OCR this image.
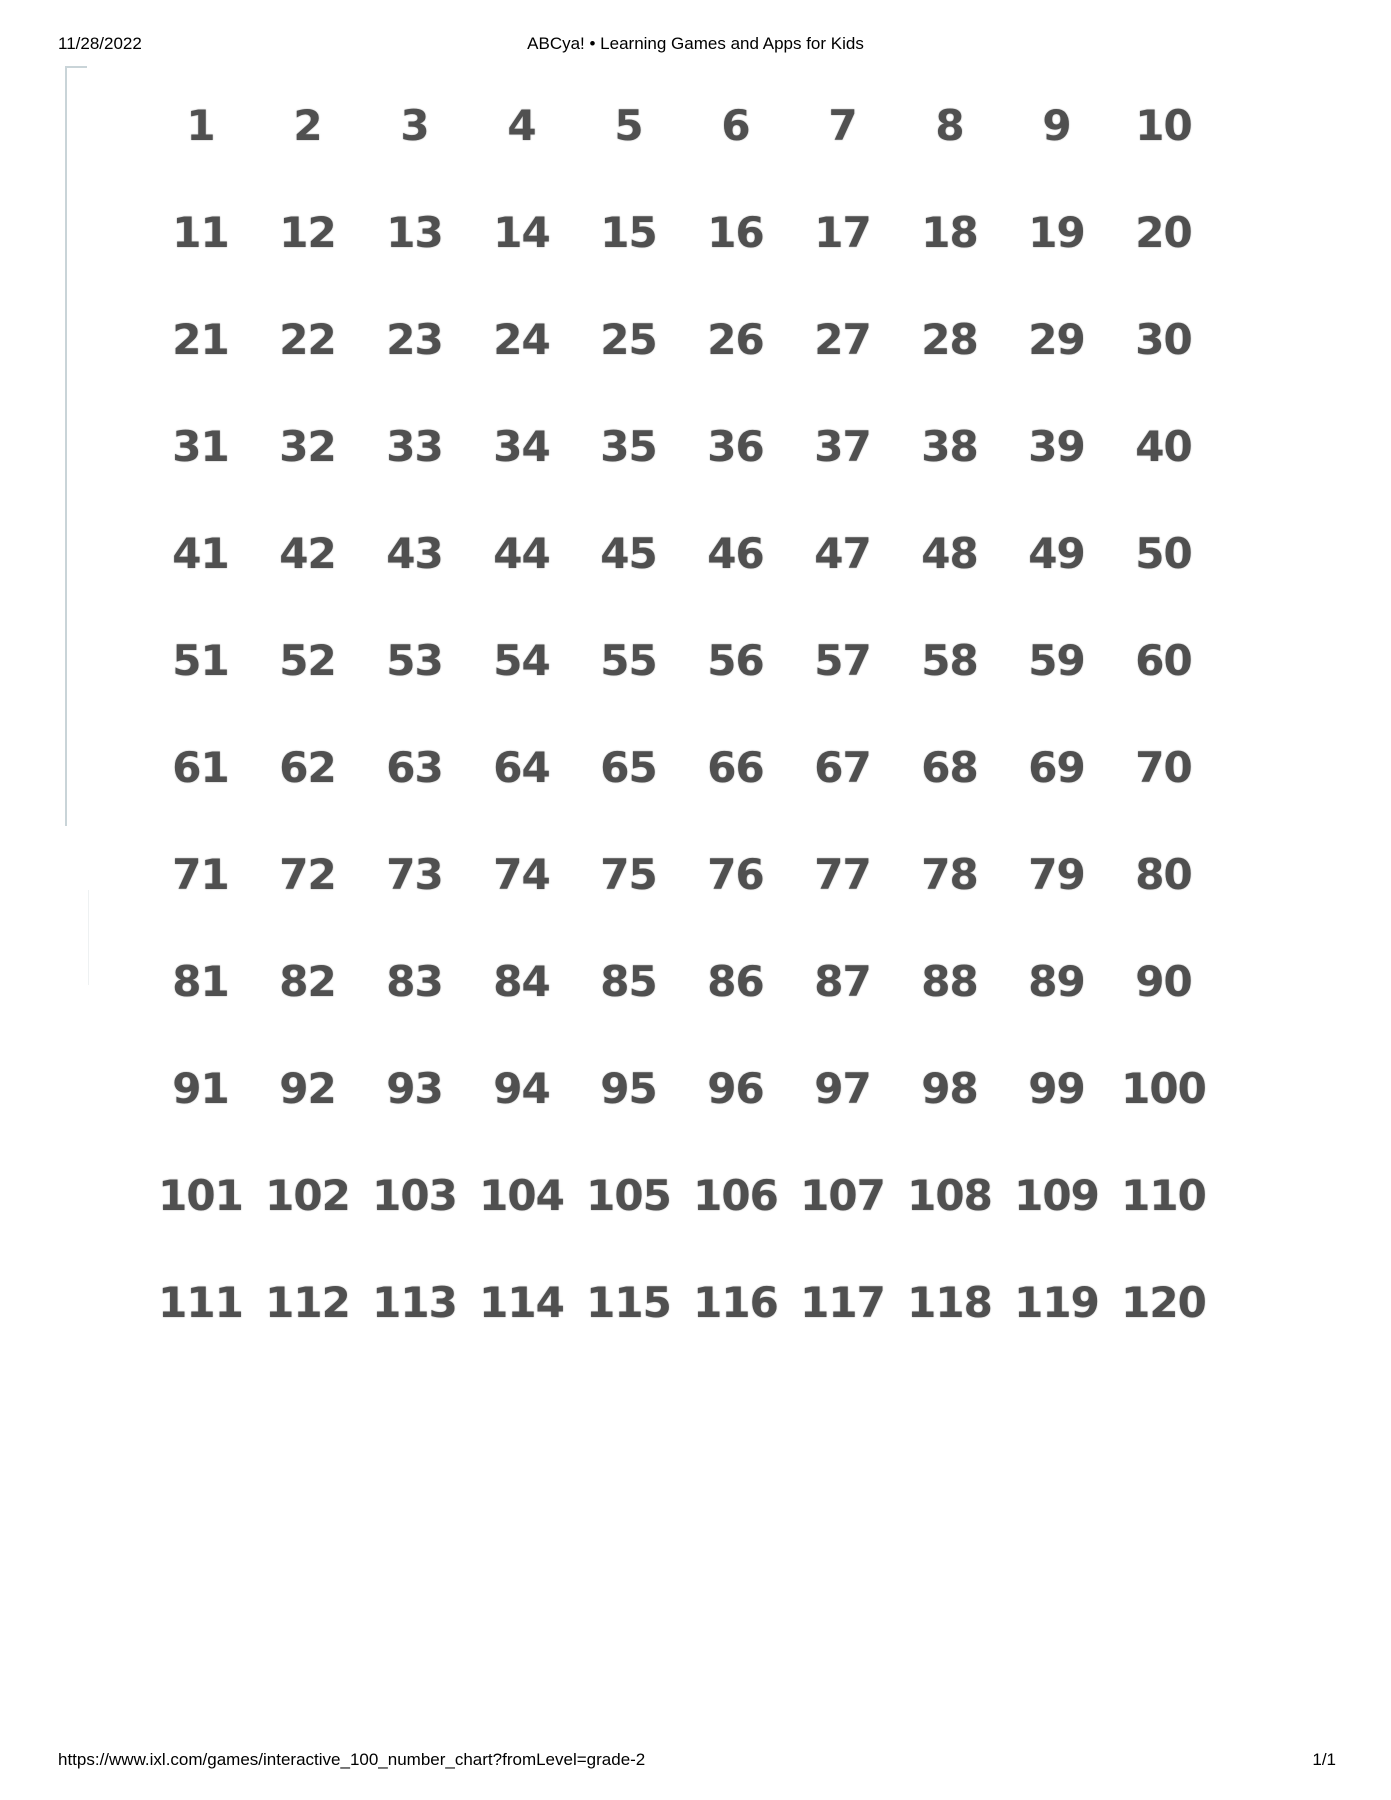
11/28/2022	ABCya! • Learning Games and Apps for Kids
1	2	3	4	5	6	7	8	9	10
11	12	13	14	15	16	17	18	19	20
21	22	23	24	25	26	27	28	29	30
31	32	33	34	35	36	37	38	39	40
41	42	43	44	45	46	47	48	49	50
51	52	53	54	55	56	57	58	59	60
61	62	63	64	65	66	67	68	69	70
71	72	73	74	75	76	77	78	79	80
81	82	83	84	85	86	87	88	89	90
91	92	93	94	95	96	97	98	99 100
101 102 103 104 105 106 107 108 109 110
111 112 113 114 115 116 117 118 119 120
https://www.ixl.com/games/interactive_100_number_chart?fromLevel=grade-2	1/1
